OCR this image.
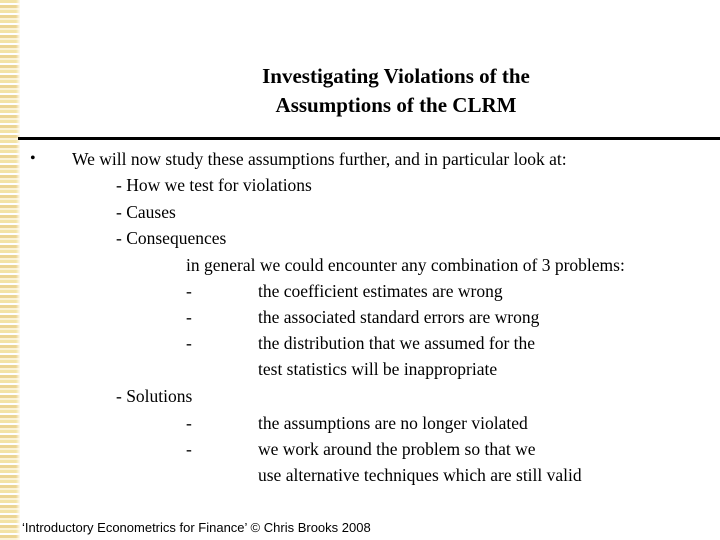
Investigating Violations of the
Assumptions of the CLRM
• We will now study these assumptions further, and in particular look at:
- How we test for violations
- Causes
- Consequences
in general we could encounter any combination of 3 problems:
-	the coefficient estimates are wrong
-	the associated standard errors are wrong
-	the distribution that we assumed for the
test statistics will be inappropriate
- Solutions
-	the assumptions are no longer violated
-	we work around the problem so that we
use alternative techniques which are still valid
‘Introductory Econometrics for Finance’ © Chris Brooks 2008
